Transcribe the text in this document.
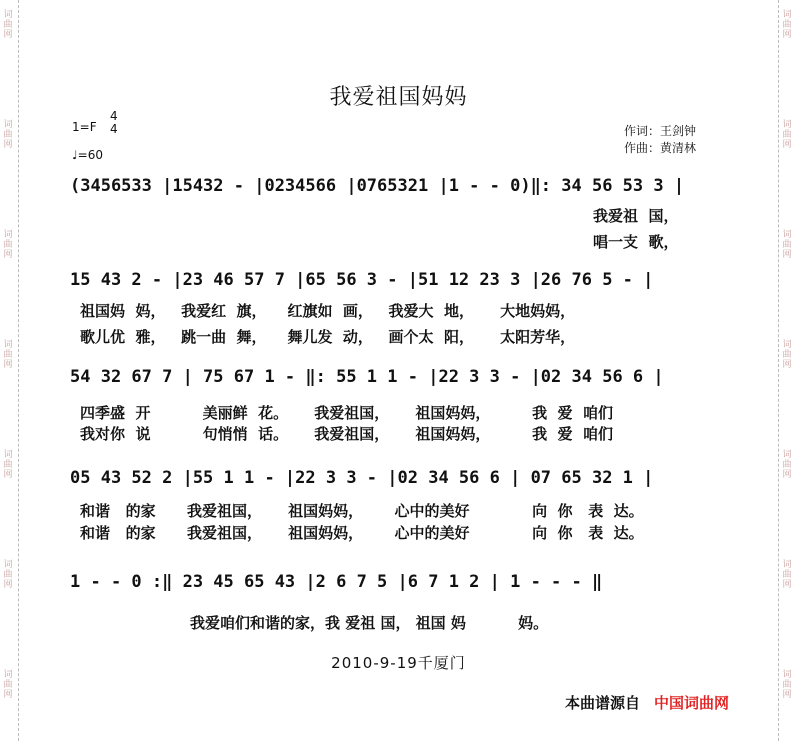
词曲网
词曲网
词曲网
词曲网
词曲网
词曲网
词曲网
词曲网
词曲网
词曲网
词曲网
词曲网
词曲网
词曲网
我爱祖国妈妈
1=F
4
4
♩=60
作词：王剑钟
作曲：黄清林
(3456533 |15432 - |0234566 |0765321 |1 - - 0)‖: 34 56 53 3 |
我爱祖  国，
唱一支  歌，
15 43 2 - |23 46 57 7 |65 56 3 - |51 12 23 3 |26 76 5 - |
祖国妈  妈，   我爱红  旗，    红旗如  画，   我爱大  地，     大地妈妈，
歌儿优  雅，   跳一曲  舞，    舞儿发  动，   画个太  阳，     太阳芳华，
54 32 67 7 | 75 67 1 - ‖: 55 1 1 - |22 3 3 - |02 34 56 6 |
四季盛  开          美丽鲜  花。     我爱祖国，     祖国妈妈，        我  爱  咱们
我对你  说          句悄悄  话。     我爱祖国，     祖国妈妈，        我  爱  咱们
05 43 52 2 |55 1 1 - |22 3 3 - |02 34 56 6 | 07 65 32 1 |
和谐   的家      我爱祖国，     祖国妈妈，      心中的美好            向  你   表  达。
和谐   的家      我爱祖国，     祖国妈妈，      心中的美好            向  你   表  达。
1 - - 0 :‖ 23 45 65 43 |2 6 7 5 |6 7 1 2 | 1 - - - ‖
我爱咱们和谐的家，我 爱祖 国， 祖国 妈          妈。
2010-9-19千厦门
本曲谱源自 中国词曲网
